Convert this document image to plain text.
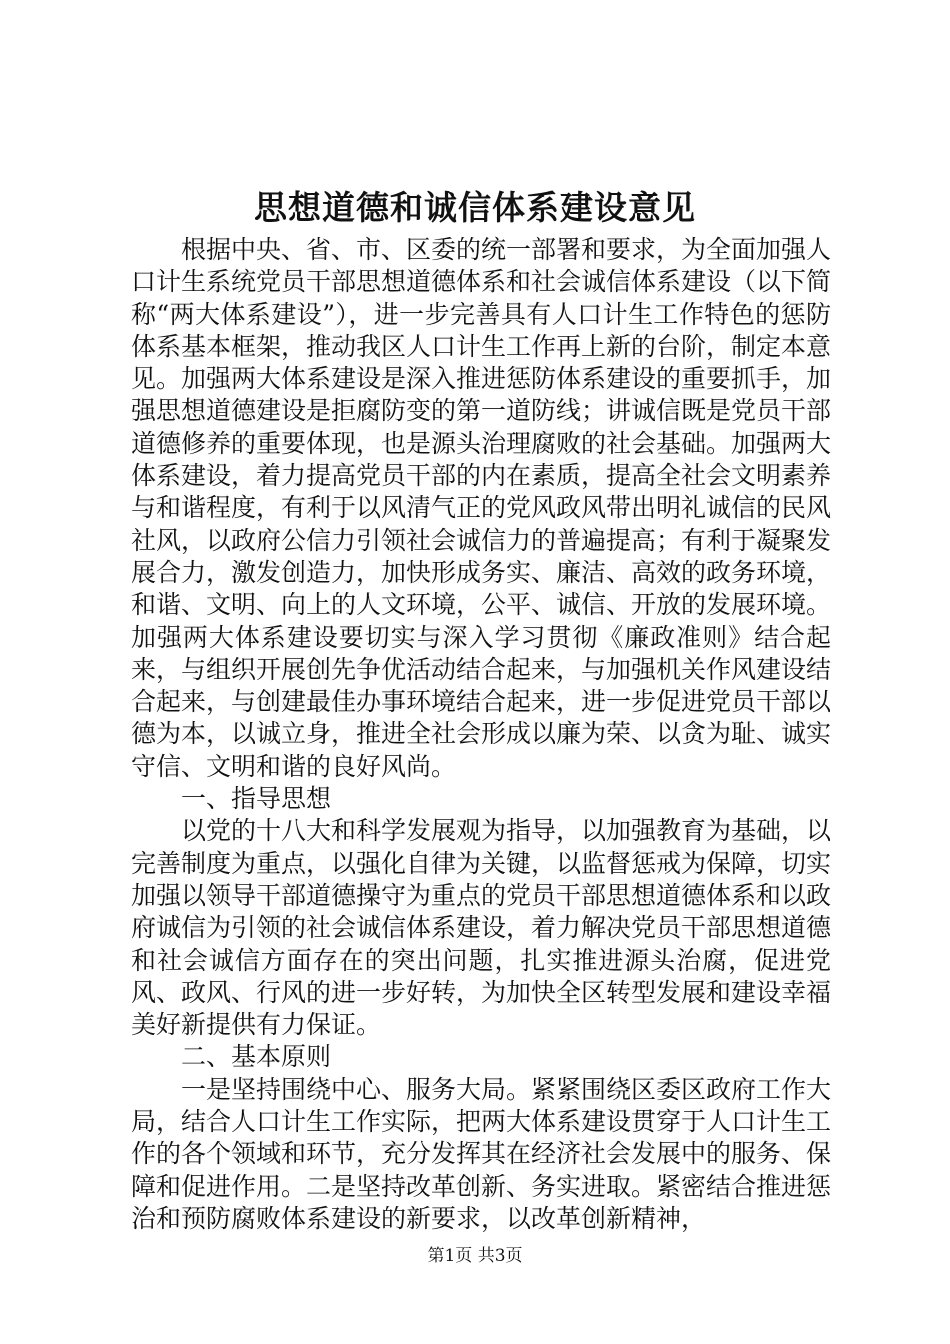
思想道德和诚信体系建设意见

根据中央、省、市、区委的统一部署和要求，为全面加强人口计生系统党员干部思想道德体系和社会诚信体系建设（以下简称“两大体系建设”），进一步完善具有人口计生工作特色的惩防体系基本框架，推动我区人口计生工作再上新的台阶，制定本意见。加强两大体系建设是深入推进惩防体系建设的重要抓手，加强思想道德建设是拒腐防变的第一道防线；讲诚信既是党员干部道德修养的重要体现，也是源头治理腐败的社会基础。加强两大体系建设，着力提高党员干部的内在素质，提高全社会文明素养与和谐程度，有利于以风清气正的党风政风带出明礼诚信的民风社风，以政府公信力引领社会诚信力的普遍提高；有利于凝聚发展合力，激发创造力，加快形成务实、廉洁、高效的政务环境，和谐、文明、向上的人文环境，公平、诚信、开放的发展环境。加强两大体系建设要切实与深入学习贯彻《廉政准则》结合起来，与组织开展创先争优活动结合起来，与加强机关作风建设结合起来，与创建最佳办事环境结合起来，进一步促进党员干部以德为本，以诚立身，推进全社会形成以廉为荣、以贪为耻、诚实守信、文明和谐的良好风尚。

一、指导思想

以党的十八大和科学发展观为指导，以加强教育为基础，以完善制度为重点，以强化自律为关键，以监督惩戒为保障，切实加强以领导干部道德操守为重点的党员干部思想道德体系和以政府诚信为引领的社会诚信体系建设，着力解决党员干部思想道德和社会诚信方面存在的突出问题，扎实推进源头治腐，促进党风、政风、行风的进一步好转，为加快全区转型发展和建设幸福美好新提供有力保证。

二、基本原则

一是坚持围绕中心、服务大局。紧紧围绕区委区政府工作大局，结合人口计生工作实际，把两大体系建设贯穿于人口计生工作的各个领域和环节，充分发挥其在经济社会发展中的服务、保障和促进作用。二是坚持改革创新、务实进取。紧密结合推进惩治和预防腐败体系建设的新要求，以改革创新精神，

第1页 共3页
